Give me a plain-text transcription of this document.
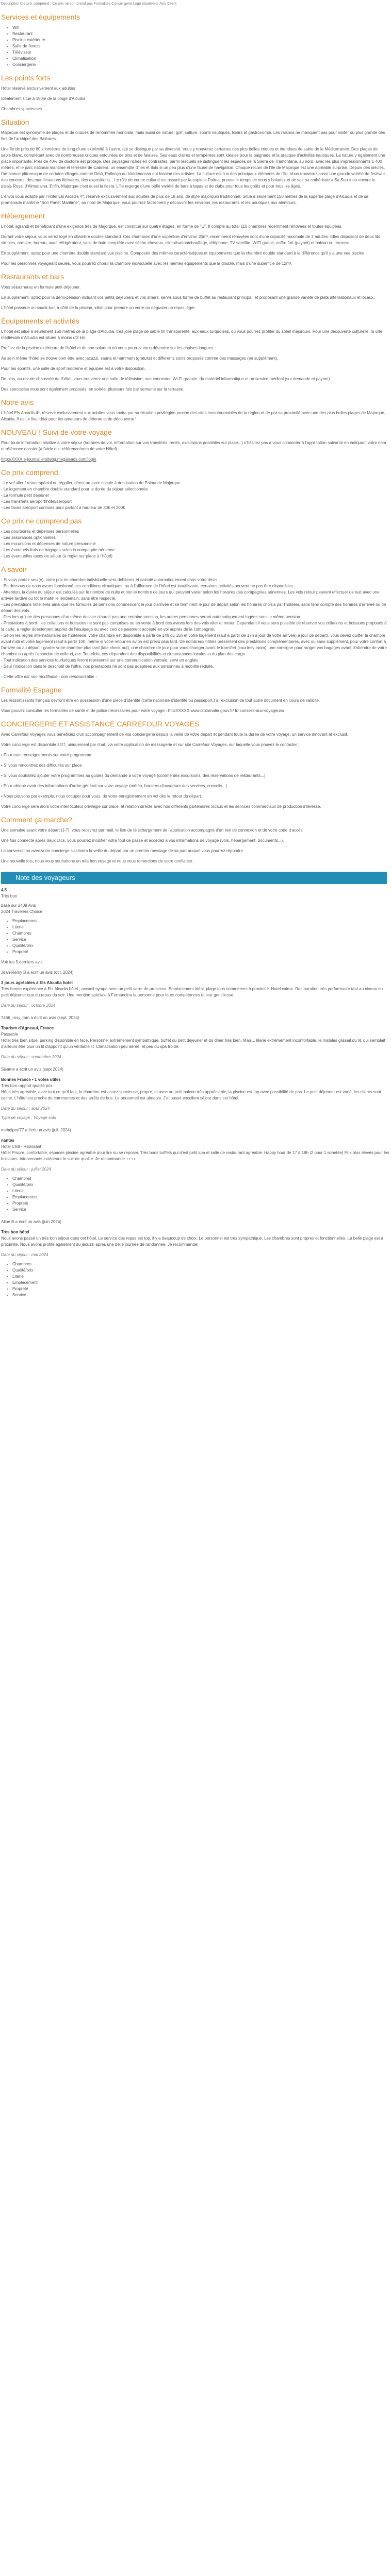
Description C'e prix comprend / Ce prix ne comprend pas Formalités Conciergerie Logo tripadvisor Avis Client
Services et équipements
• Wifi
• Restaurant
• Piscine extérieure
• Salle de fitness
• Téléviseur
• Climatisation
• Conciergerie
Les points forts

Hôtel réservé exclusivement aux adultes

Idéalement situé à 150m de la plage d'Alcudia

Chambres spacieuses

Situation

Majorque est synonyme de plages et de criques de renommée mondiale, mais aussi de nature, golf, culture, sports nautiques, loisirs et gastronomie. Les raisons ne manquent pas pour visiter ou plus grande des îles de l'archipel des Baléares.

Une île de près de 80 kilomètres de long d'une extrémité à l'autre, qui se distingue par sa diversité. Vous y trouverez certaines des plus belles criques et étendues de sable de la Méditerranée. Des plages de sable blanc, complétant avec de nombreuses criques entourées de pins et de falaises. Ses eaux claires et tempérées sont idéales pour la baignade et la pratique d'activités nautiques. La nature y également une place importante. Près de 40% de ductoire est protégé. Des paysages riches en contrastes, parmi lesquels se distinguent les espaces de la Sierra de Tramontana, au nord, avec les plus impressionnants 1 400 mètres, et le parc national maritime et terrestre de Cabrera, un ensemble d'îles et îlots si un peu plus d'une faune de navigation. Chaque recoin de l'île de Majorque est une agréable surprise. Depuis des siècles, l'ambiance pittoresque de certains villages comme Deià, Pollença ou Valldemossa ont fasciné des artistes. La culture est l'un des principaux éléments de l'île. Vous trouverez aussi une grande variété de festivals, des concerts, des manifestations littéraires, des expositions... Le rôle de centre culturel est assuré par la capitale Palma, preuve le temps de vous y baladez et de voir sa cathédrale « Sa Seu » ou encore le palais Royal d'Almudaina. Enfin, Majorque c'est aussi la fiesta. L'île regorge d'une belle variété de bars à tapas et de clubs pour tous les goûts et pour tous les âges.

L'envoi vous adapte par l'Hôtel Els Arcadis 4*, réservé exclusivement aux adultes de plus de 18 ans, de style majorquin traditionnel. Situé à seulement 150 mètres de la superbe plage d'Alcudia et de sa promenade maritime "Son Panet Maritime", au nord de Majorque, vous pourrez facilement y découvrir les environs, les restaurants et les boutiques aux alentours.

Hébergement

L'hôtel, agrandi et bénéficiant d'une exigence très de Majorque, est constitué sur quatre étages, en forme de "U". Il compte au total 110 chambres récemment rénovées et toutes équipées.

Durant votre séjour, vous serez logé en chambre double standard. Ces chambres d'une superficie d'environ 20m², récemment rénovées sont d'une capacité maximale de 2 adultes. Elles disposent de deux lits simples, armoire, bureau, avec réfrigérateur, salle de bain complète avec sèche-cheveux, climatisation/chauffage, téléphone, TV satellite, WIFI gratuit, coffre fort (payant) et balcon ou terrasse.

En supplément, optez pour une chambre double standard vue piscine. Composée des mêmes caractéristiques et équipements que la chambre double standard à la différence qu'il y a une vue piscine.

Pour les personnes voyageant seules, vous pourrez choisir la chambre individuelle avec les mêmes équipements que la double, mais d'une superficie de 12m².

Restaurants et bars

Vous séjournerez en formule petit déjeuner.

En supplément, optez pour la demi-pension incluant vos petits déjeuners et vos dîners, servis sous forme de buffet au restaurant principal, et proposant une grande variété de plats internationaux et locaux.

L'hôtel possède un snack-bar, à côté de la piscine, idéal pour prendre un verre ou déguster un repas léger.

Équipements et activités

L'hôtel est situé à seulement 150 mètres de la plage d'Alcudia, très jolie plage de sable fin transparente, aux eaux turquoises, où vous pourrez profiter du soleil majorquin. Pour une découverte culturelle, la ville médiévale d'Alcudia est située à moins d'3 km.

Profitez de la piscine extérieure de l'hôtel et de son solarium où vous pourrez vous détendre sur les chaises longues.

Au sein même l'hôtel se trouve bien être avec jacuzzi, sauna et hammam (gratuits) et différents soins proposés comme des massages (en supplément).

Pour les sportifs, une salle de sport moderne et équipée est à votre disposition.

De plus, au rez-de-chaussée de l'hôtel, vous trouverez une salle de télévision, une connexion Wi-Fi gratuite, du matériel informatique et un service médical (sur demande et payant).

Des spectacles vous sont également proposés, en soirée, plusieurs fois par semaine sur la terrasse.

Notre avis

L'hôtel Els Arcadis 4*, réservé exclusivement aux adultes vous ravira par sa situation privilégiée proche des sites incontournables de la région et de par sa proximité avec une des plus belles plages de Majorque, Alcudia. Il est le lieu idéal pour les amateurs de détente et de découverte !

NOUVEAU ! Suivi de votre voyage

Pour toute information relative à votre séjour (horaires de vol, information sur vos transferts, redits, excursions possibles sur place...) n'hésitez pas à vous connecter à l'application suivante en indiquant votre nom et référence dossier (à l'aide ou : référence/nom de votre Hôtel) :

http://XXXX.e-journalliersitebg.megaleads.com/login

Ce prix comprend

- Le vol aller / retour spécial ou régulier, direct ou avec escale à destination de Palma de Majorque

- Le logement en chambre double standard pour la durée du séjour sélectionnée

- La formule petit déjeuner

- Les transferts aéroport/hôtel/aéroport

- Les taxes aéroport connues pour partant à hauteur de 30€ et 200€

Ce prix ne comprend pas

- Les pourboires et dépenses personnelles

- Les assurances optionnelles

- Les excursions et dépenses de nature personnelle

- Les éventuels frais de bagages selon la compagnie aérienne

- Les éventuelles taxes de séjour (à régler sur place à l'hôtel)

A savoir

- Si vous partez seul(e), votre prix en chambre individuelle sera débiterez et calculé automatiquement dans votre devis.

- En dessous de nous avons fonctionné ces conditions climatiques, ou à l'affluence de l'hôtel est insuffisante, certaines activités peuvent ne pas être disponibles.

- Attention, la durée du séjour est calculée sur le nombre de nuits et non le nombre de jours qui peuvent varier selon les horaires des compagnies aériennes. Les vols retour peuvent effectuer de nuit avec une arrivée tardive ou tôt le matin le lendemain, sans être respecté.

- Les prestations hôtelières ainsi que les formules de pensions commencent le jour d'arrivée et se terminent le jour de départ selon les horaires choisis par l'hôtelier, sans tenir compte des horaires d'arrivée ou de départ des vols.

- Des lors qu'une des personnes d'un même dossier n'aurait pas une certaine pension, les autres personnes seront automatiquement logées sous le même pension.

- Prestations à bord : les collations et boissons ne sont pas comprises ou en vente à bord des avions lors des vols aller et retour. Cependant il vous sera possible de réserver vos collations et boissons proposés à la carte, à régler directement auprès de l'équipage ou avec ceci de paiement accepté en vol auprès de la compagnie.

- Selon les règles internationales de l'hôtellerie, votre chambre est disponible à partir de 14h ou 15h et votre logement (sauf à partir de 17h à jour de votre arrivée) à jour de départ), vous devez quitter la chambre avant midi et votre logement (sauf à partir 10h, même si votre retour en avion est prévu plus tard. De nombreux hôtels présentent des prestations complémentaires, avec ou sans supplément, pour votre confort à l'arrivée ou au départ : garder votre chambre plus tard (late check out), une chambre de jour pour vous changer avant le transfert (courtesy room), une consigne pour ranger vos bagages avant d'attendre de votre chambre ou après l'abandon de celle-ci, etc. Toutefois, ces dépendent des disponibilités et circonstances locales et du plan des cargo.

- Tout indication des services touristiques feront représenté sur une communication verbale, servi en anglais

- Seul l'indication dans le descriptif de l'offre, nos prestations ne sont pas adaptées aux personnes à mobilité réduite.

- Cette offre est non modifiable - non remboursable -

Formalité Espagne

Les ressortissants français devront être en possession d'une pièce d'identité (carte nationale d'identité ou passeport,) à l'exclusion de tout autre document en cours de validité.

Vous pouvez consulter les formalités de santé et de police nécessaires pour votre voyage : http://XXXX.www.diplomatie.gouv.fr/ fr/ conseils-aux-voyageurs/

CONCIERGERIE ET ASSISTANCE CARREFOUR VOYAGES

Avec Carrefour Voyages vous bénéficiez d'un accompagnement de vos conciergerie depuis la veille de votre départ et pendant toute la durée de votre voyage, un service innovant et exclusif.

Votre concierge est disponible 24/7, uniquement par chat, via votre application de messagerie et sur site Carrefour Voyages, sur laquelle vous pouvez le contacter :

• Pour tous renseignements sur votre programme

• Si vous rencontrez des difficultés sur place

• Si vous souhaitez ajouter votre programmes au guides du demande à votre voyage (comme des excursions, des réservations de restaurants...)

• Pour obtenir avoir des informations d'ordre général sur votre voyage (météo, horaires d'ouverture des services, conseils...)

• Nous pouvons par exemple, nous occuper pour vous, de votre enregistrement en vol dès le retour du départ.

Votre concierge sera alors votre interlocuteur privilégié sur place, et relation directe avec nos différents partenaires locaux et les services commerciaux de production intéressé.

Comment ça marche?

Une semaine avant votre départ (J-7), vous recevrez par mail, le lien de téléchargement de l'application accompagné d'un lien de connexion et de votre code d'accès.

Une fois connecté après deux clics, vous pourrez modifier votre tout de passe et accédez à vos informations de voyage (vols, hébergement, documents...).

La conversation avec votre concierge s'activera la veille du départ par un premier message de sa part auquel vous pourrez répondre.

Une nouvelle fois, nous vous souhaitons un très bon voyage et nous vous remercions de votre confiance.

Note des voyageurs
4,5
Très bon
basé sur 2409 Avis
2024 Travelers Choice
• Emplacement
• Literie
• Chambres
• Service
• Qualité/prix
• Propreté

Voir les 5 derniers avis

Jean-Rémy B a écrit un avis (oct. 2024)
3 jours agréables à Els Alcudia hotel
Très bonne expérience à Els Alcudia hôtel ; accueil sympa avec un petit verre de prosecco. Emplacement idéal, plage tous commerces à proximité. Hotel calme. Restauration très performante tant au niveau du petit déjeuner que du repas du soir. Une mention spéciale à Fernandina la personne pour leurs compétences et leur gentillesse.
Date du séjour : octobre 2024
7466_rosy_tom a écrit un avis (sept. 2024)
Tourism d'Agneaul, France
Passable
Hôtel très bien situé, parking disponible en face. Personnel extrêmement sympathique, buffet du petit déjeuner et du dîner très bien. Mais... literie extrêmement inconfortable, le matelas glissait du lit, qui semblait d'ailleurs être plus un lit d'appoint qu'un véritable lit. Climatisation peu aérée, et peu du spa froide.
Date du séjour : septembre 2024
Sisame a écrit un avis (sept 2024)
Bonnes France • 1 votes utiles
Très bon rapport qualité prix
Hôtel très agréable, avec tout ce qu'il faut, la chambre est assez spacieuse, propre, et avec un petit balcon très appréciable, la piscine est top avec possibilité de pas. Le petit déjeuner est varié, les clients sont calme. L'hôtel est proche de commerces et des arrêts de bus. Le personnel est aimable. J'ai passé excellent séjour dans cet hôtel.
Date du séjour : août 2024
Type de voyage : Voyage solo
mehdiprof77 a écrit un avis (juil. 2024)
nantes
Hotel Chill - Reposant
Hôtel Propre, confortable, espaces piscine agréable pour lire ou se reposer. Très bons buffets qui n'est petit spa et salle de restaurant agréable. Happy hour de 17 à 18h (2 pour 1 achetée) Prix plus élevés pour les boissons. Intervenants extérieure le soir de qualité. Je recommande ++++
Date du séjour : juillet 2024
• Chambres
• Qualité/prix
• Literie
• Emplacement
• Propreté
• Service
Aline B a écrit un avis (juin 2024)
Très bon hôtel
Nous avons passé un très bon séjour dans cet hôtel. Le service des repas est top, il y a beaucoup de choix. Le personnel est très sympathique. Les chambres sont propres et fonctionnelles. La belle plage est à proximité. Nous avons profité également du jacuzzi après une belle journée de randonnée. Je recommande!
Date du séjour : mai 2024
• Chambres
• Qualité/prix
• Literie
• Emplacement
• Propreté
• Service
